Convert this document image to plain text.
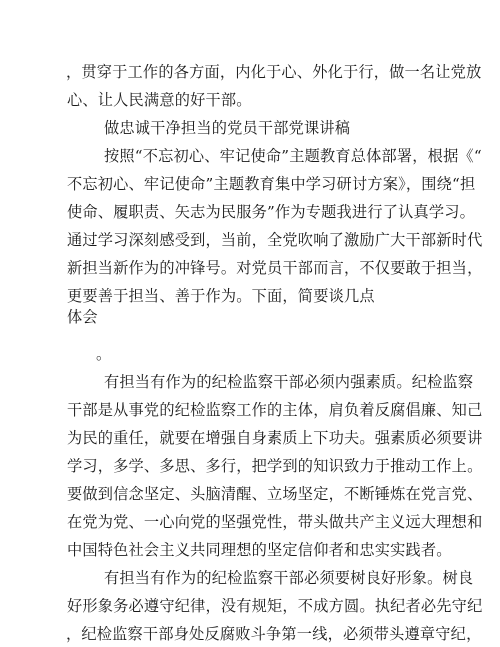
，贯穿于工作的各方面，内化于心、外化于行，做一名让党放
心、让人民满意的好干部。
做忠诚干净担当的党员干部党课讲稿
按照“不忘初心、牢记使命”主题教育总体部署，根据《“
不忘初心、牢记使命”主题教育集中学习研讨方案》，围绕“担
使命、履职责、矢志为民服务”作为专题我进行了认真学习。
通过学习深刻感受到，当前，全党吹响了激励广大干部新时代
新担当新作为的冲锋号。对党员干部而言，不仅要敢于担当，
更要善于担当、善于作为。下面，简要谈几点
体会
。
有担当有作为的纪检监察干部必须内强素质。纪检监察
干部是从事党的纪检监察工作的主体，肩负着反腐倡廉、知己
为民的重任，就要在增强自身素质上下功夫。强素质必须要讲
学习，多学、多思、多行，把学到的知识致力于推动工作上。
要做到信念坚定、头脑清醒、立场坚定，不断锤炼在党言党、
在党为党、一心向党的坚强党性，带头做共产主义远大理想和
中国特色社会主义共同理想的坚定信仰者和忠实实践者。
有担当有作为的纪检监察干部必须要树良好形象。树良
好形象务必遵守纪律，没有规矩，不成方圆。执纪者必先守纪
，纪检监察干部身处反腐败斗争第一线，必须带头遵章守纪，
